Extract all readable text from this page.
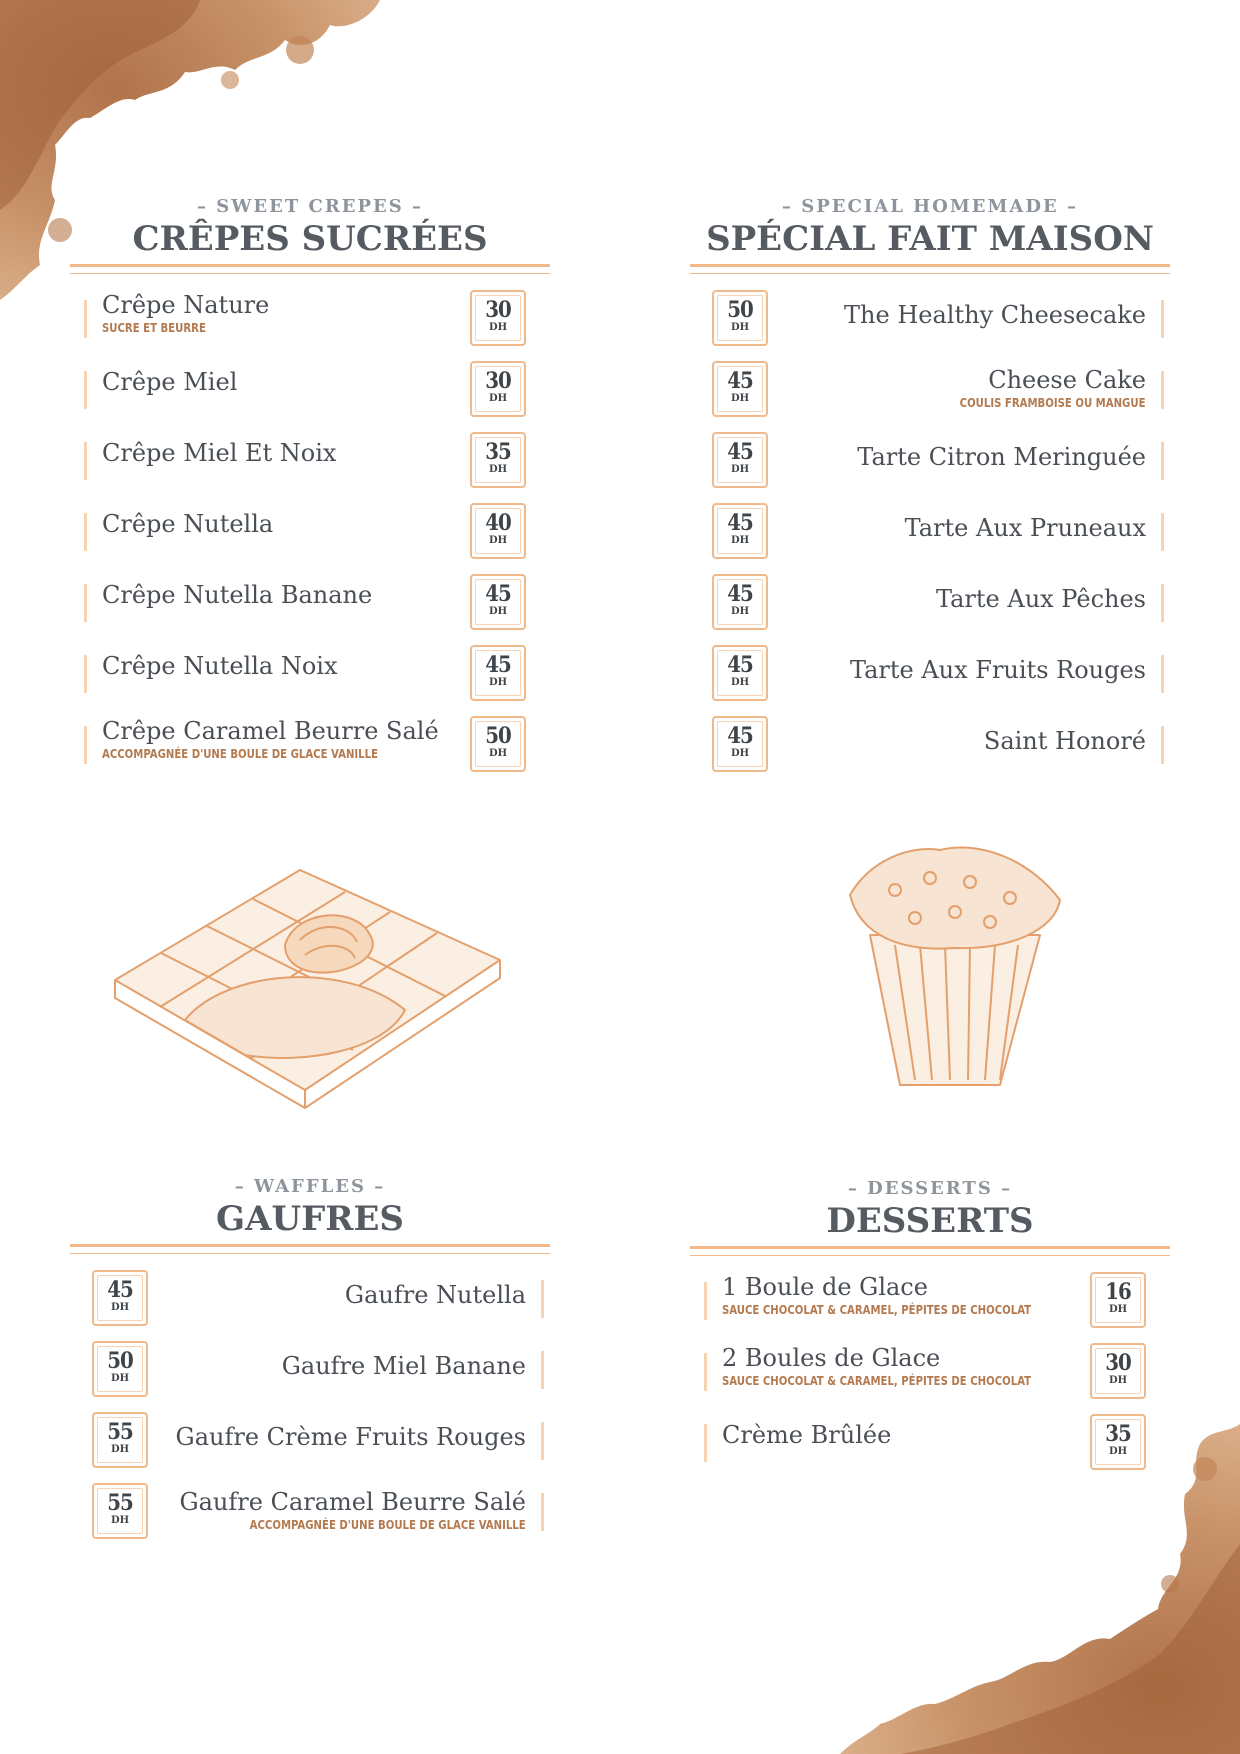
– SWEET CREPES –
CRÊPES SUCRÉES
Crêpe Nature
SUCRE ET BEURRE
30
DH
Crêpe Miel	30
DH
Crêpe Miel Et Noix	35
DH
Crêpe Nutella	40
DH
Crêpe Nutella Banane	45
DH
Crêpe Nutella Noix	45
DH
Crêpe Caramel Beurre Salé
ACCOMPAGNÉE D'UNE BOULE DE GLACE VANILLE
50
DH
– SPECIAL HOMEMADE –
SPÉCIAL FAIT MAISON
The Healthy Cheesecake
50
DH
Cheese Cake
COULIS FRAMBOISE OU MANGUE
45
DH
Tarte Citron Meringuée
45
DH
Tarte Aux Pruneaux
45
DH
Tarte Aux Pêches
45
DH
Tarte Aux Fruits Rouges
45
DH
Saint Honoré
45
DH
– WAFFLES –
GAUFRES
Gaufre Nutella
45
DH
Gaufre Miel Banane
50
DH
Gaufre Crème Fruits Rouges
55
DH
Gaufre Caramel Beurre Salé
ACCOMPAGNÉE D'UNE BOULE DE GLACE VANILLE
55
DH
– DESSERTS –
DESSERTS
1 Boule de Glace
SAUCE CHOCOLAT & CARAMEL, PÉPITES DE CHOCOLAT
16
DH
2 Boules de Glace
SAUCE CHOCOLAT & CARAMEL, PÉPITES DE CHOCOLAT
30
DH
Crème Brûlée	35
DH
